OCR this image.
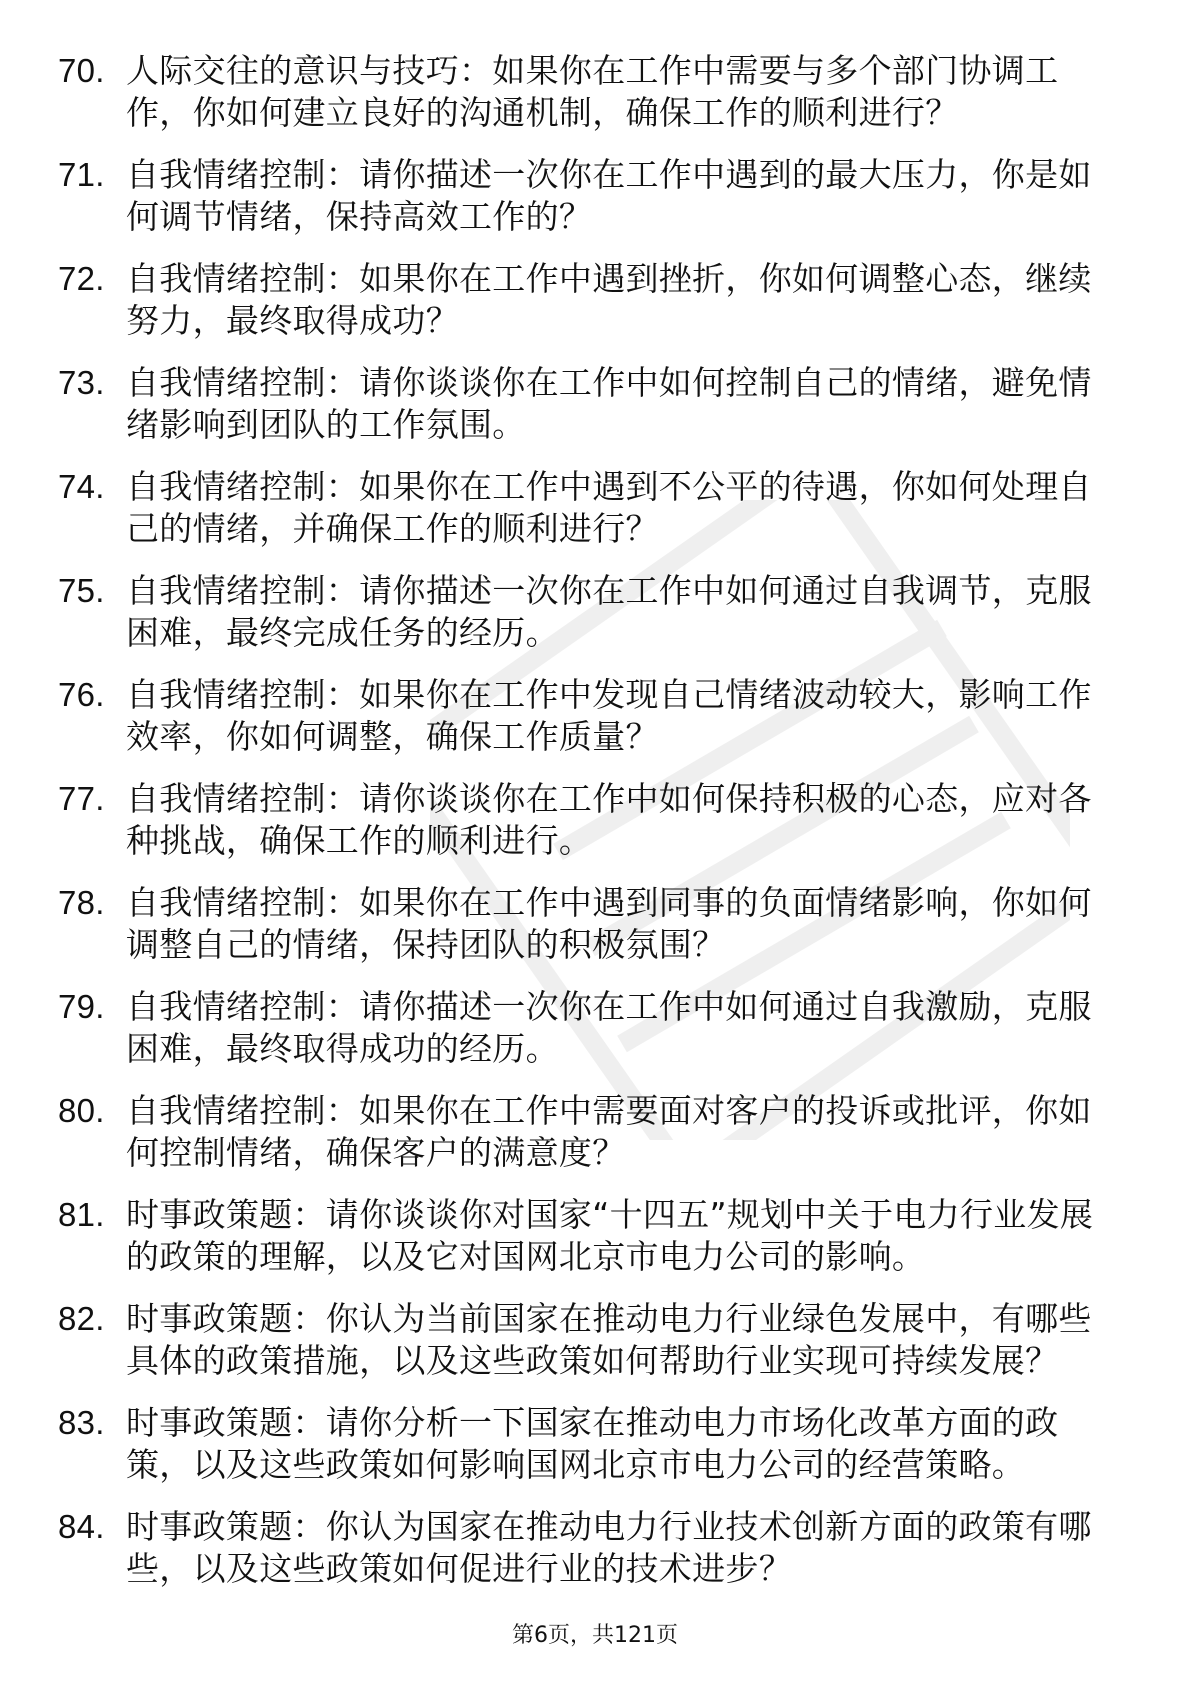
70. 人际交往的意识与技巧：如果你在工作中需要与多个部门协调工作，你如何建立良好的沟通机制，确保工作的顺利进行？
71. 自我情绪控制：请你描述一次你在工作中遇到的最大压力，你是如何调节情绪，保持高效工作的？
72. 自我情绪控制：如果你在工作中遇到挫折，你如何调整心态，继续努力，最终取得成功？
73. 自我情绪控制：请你谈谈你在工作中如何控制自己的情绪，避免情绪影响到团队的工作氛围。
74. 自我情绪控制：如果你在工作中遇到不公平的待遇，你如何处理自己的情绪，并确保工作的顺利进行？
75. 自我情绪控制：请你描述一次你在工作中如何通过自我调节，克服困难，最终完成任务的经历。
76. 自我情绪控制：如果你在工作中发现自己情绪波动较大，影响工作效率，你如何调整，确保工作质量？
77. 自我情绪控制：请你谈谈你在工作中如何保持积极的心态，应对各种挑战，确保工作的顺利进行。
78. 自我情绪控制：如果你在工作中遇到同事的负面情绪影响，你如何调整自己的情绪，保持团队的积极氛围？
79. 自我情绪控制：请你描述一次你在工作中如何通过自我激励，克服困难，最终取得成功的经历。
80. 自我情绪控制：如果你在工作中需要面对客户的投诉或批评，你如何控制情绪，确保客户的满意度？
81. 时事政策题：请你谈谈你对国家“十四五”规划中关于电力行业发展的政策的理解，以及它对国网北京市电力公司的影响。
82. 时事政策题：你认为当前国家在推动电力行业绿色发展中，有哪些具体的政策措施，以及这些政策如何帮助行业实现可持续发展？
83. 时事政策题：请你分析一下国家在推动电力市场化改革方面的政策，以及这些政策如何影响国网北京市电力公司的经营策略。
84. 时事政策题：你认为国家在推动电力行业技术创新方面的政策有哪些，以及这些政策如何促进行业的技术进步？
第6页，共121页
